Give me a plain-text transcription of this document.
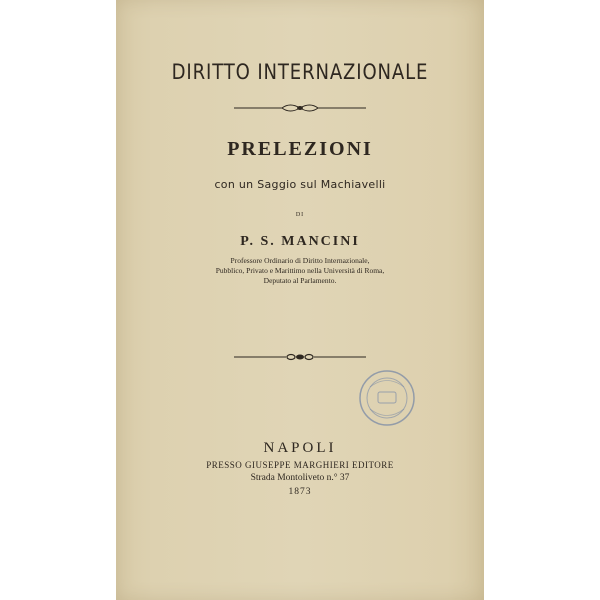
DIRITTO INTERNAZIONALE
PRELEZIONI
con un Saggio sul Machiavelli
DI
P. S. MANCINI
Professore Ordinario di Diritto Internazionale,
Pubblico, Privato e Marittimo nella Università di Roma,
Deputato al Parlamento.
NAPOLI
PRESSO GIUSEPPE MARGHIERI EDITORE
Strada Montoliveto n.° 37
1873
